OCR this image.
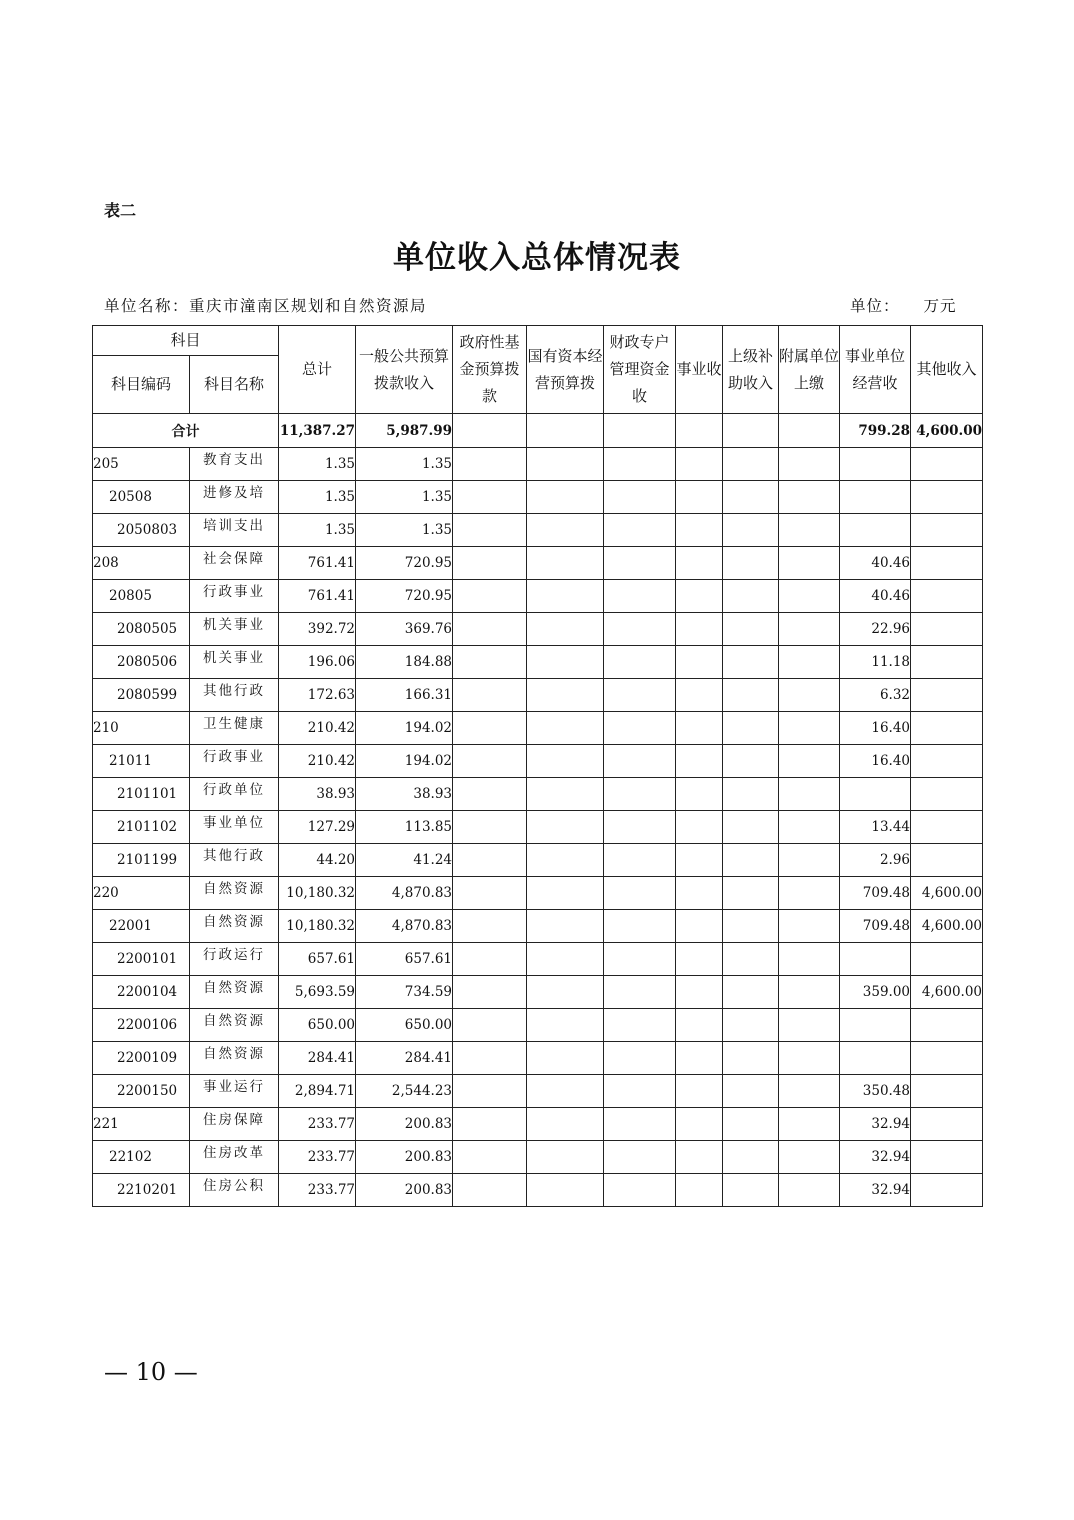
表二
单位收入总体情况表
单位名称：重庆市潼南区规划和自然资源局	单位： 万元
科目		总计	一般公共预算拨款收入	政府性基金预算拨款	国有资本经营预算拨	财政专户管理资金收	事业收	上级补助收入	附属单位上缴	事业单位经营收	其他收入
科目编码	科目名称										
合计		11,387.27	5,987.99							799.28	4,600.00
205	教育支出	1.35	1.35								
20508	进修及培	1.35	1.35								
2050803	培训支出	1.35	1.35								
208	社会保障	761.41	720.95							40.46	
20805	行政事业	761.41	720.95							40.46	
2080505	机关事业	392.72	369.76							22.96	
2080506	机关事业	196.06	184.88							11.18	
2080599	其他行政	172.63	166.31							6.32	
210	卫生健康	210.42	194.02							16.40	
21011	行政事业	210.42	194.02							16.40	
2101101	行政单位	38.93	38.93								
2101102	事业单位	127.29	113.85							13.44	
2101199	其他行政	44.20	41.24							2.96	
220	自然资源	10,180.32	4,870.83							709.48	4,600.00
22001	自然资源	10,180.32	4,870.83							709.48	4,600.00
2200101	行政运行	657.61	657.61								
2200104	自然资源	5,693.59	734.59							359.00	4,600.00
2200106	自然资源	650.00	650.00								
2200109	自然资源	284.41	284.41								
2200150	事业运行	2,894.71	2,544.23							350.48	
221	住房保障	233.77	200.83							32.94	
22102	住房改革	233.77	200.83							32.94	
2210201	住房公积	233.77	200.83							32.94	
— 10 —
